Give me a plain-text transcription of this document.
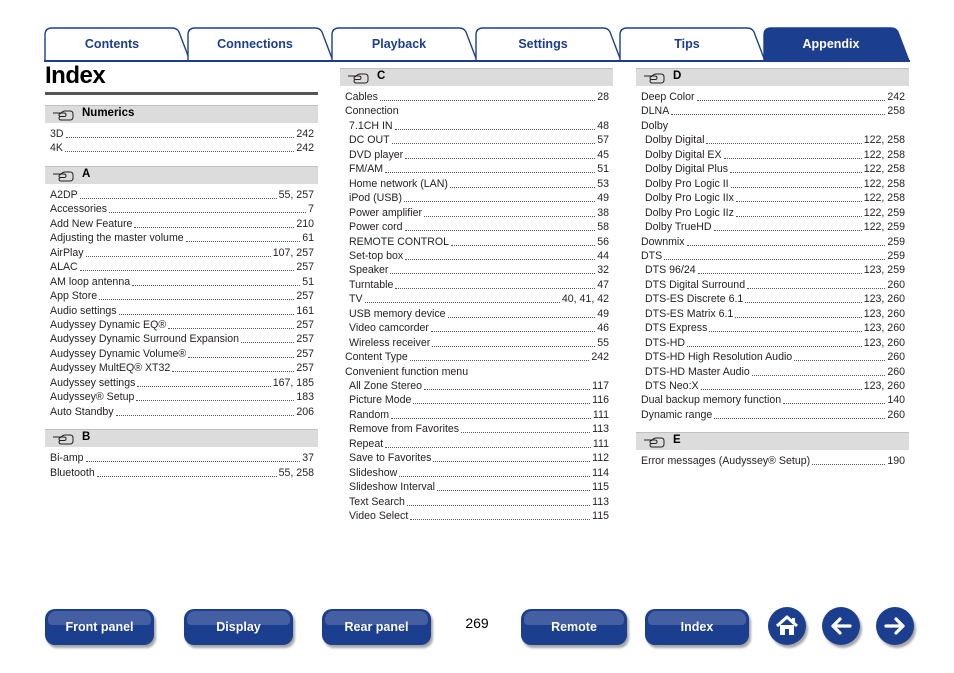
Contents	Connections	Playback	Settings	Tips	Appendix
Index
Numerics
3D	242
4K	242
A
A2DP	55, 257
Accessories	7
Add New Feature	210
Adjusting the master volume	61
AirPlay	107, 257
ALAC	257
AM loop antenna	51
App Store	257
Audio settings	161
Audyssey Dynamic EQ®	257
Audyssey Dynamic Surround Expansion	257
Audyssey Dynamic Volume®	257
Audyssey MultEQ® XT32	257
Audyssey settings	167, 185
Audyssey® Setup	183
Auto Standby	206
B
Bi-amp	37
Bluetooth	55, 258
C
Cables	28
Connection
7.1CH IN	48
DC OUT	57
DVD player	45
FM/AM	51
Home network (LAN)	53
iPod (USB)	49
Power amplifier	38
Power cord	58
REMOTE CONTROL	56
Set-top box	44
Speaker	32
Turntable	47
TV	40, 41, 42
USB memory device	49
Video camcorder	46
Wireless receiver	55
Content Type	242
Convenient function menu
All Zone Stereo	117
Picture Mode	116
Random	111
Remove from Favorites	113
Repeat	111
Save to Favorites	112
Slideshow	114
Slideshow Interval	115
Text Search	113
Video Select	115
D
Deep Color	242
DLNA	258
Dolby
Dolby Digital	122, 258
Dolby Digital EX	122, 258
Dolby Digital Plus	122, 258
Dolby Pro Logic II	122, 258
Dolby Pro Logic IIx	122, 258
Dolby Pro Logic IIz	122, 259
Dolby TrueHD	122, 259
Downmix	259
DTS	259
DTS 96/24	123, 259
DTS Digital Surround	260
DTS-ES Discrete 6.1	123, 260
DTS-ES Matrix 6.1	123, 260
DTS Express	123, 260
DTS-HD	123, 260
DTS-HD High Resolution Audio	260
DTS-HD Master Audio	260
DTS Neo:X	123, 260
Dual backup memory function	140
Dynamic range	260
E
Error messages (Audyssey® Setup)	190
Front panel	Display	Rear panel	269	Remote	Index
